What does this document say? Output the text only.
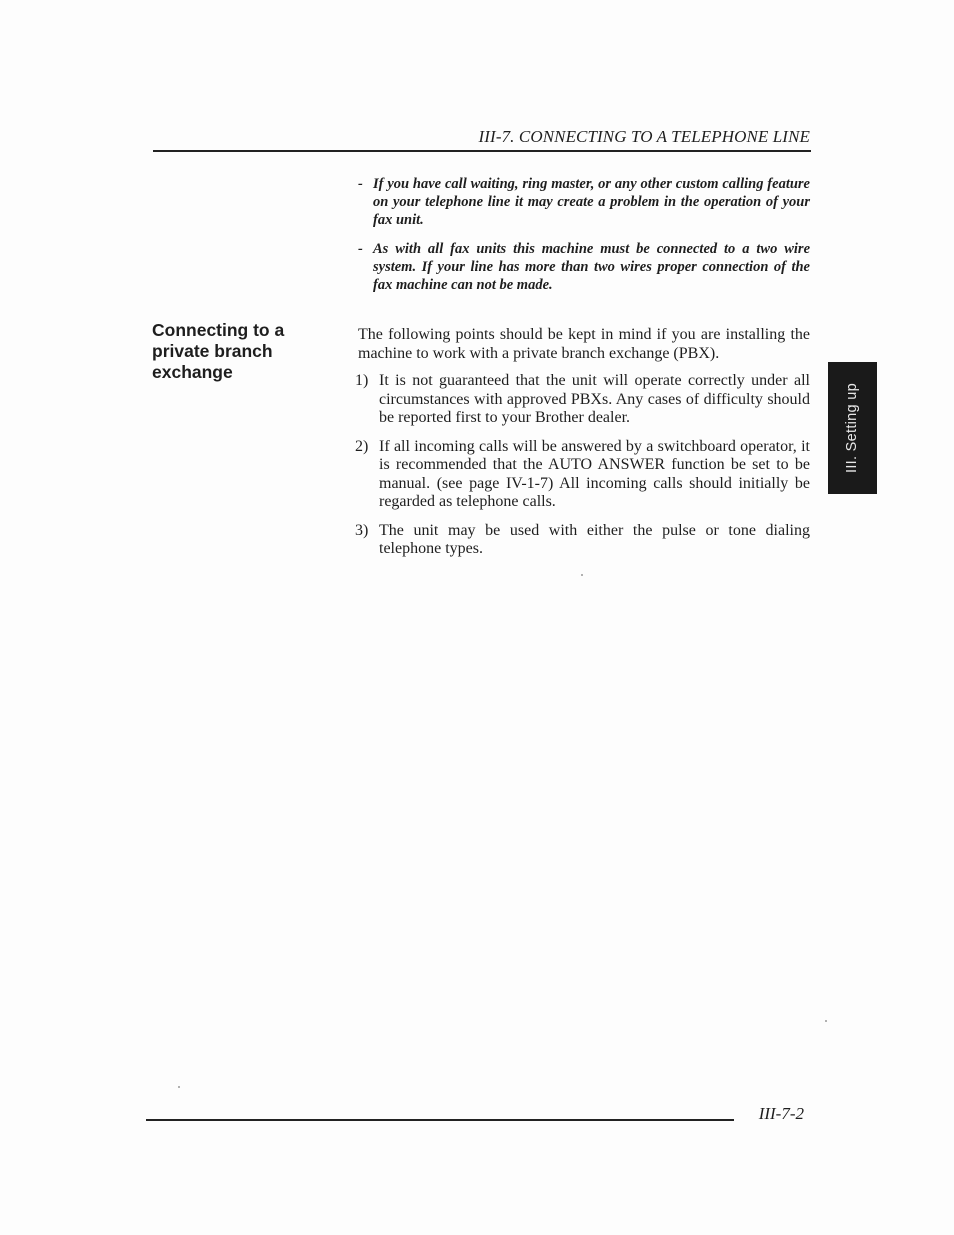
III-7. CONNECTING TO A TELEPHONE LINE
- If you have call waiting, ring master, or any other custom calling feature on your telephone line it may create a problem in the operation of your fax unit.
- As with all fax units this machine must be connected to a two wire system. If your line has more than two wires proper connection of the fax machine can not be made.
Connecting to a private branch exchange
The following points should be kept in mind if you are installing the machine to work with a private branch exchange (PBX).
1) It is not guaranteed that the unit will operate correctly under all circumstances with approved PBXs. Any cases of difficulty should be reported first to your Brother dealer.
2) If all incoming calls will be answered by a switchboard operator, it is recommended that the AUTO ANSWER function be set to be manual. (see page IV-1-7) All incoming calls should initially be regarded as telephone calls.
3) The unit may be used with either the pulse or tone dialing telephone types.
III. Setting up
III-7-2
